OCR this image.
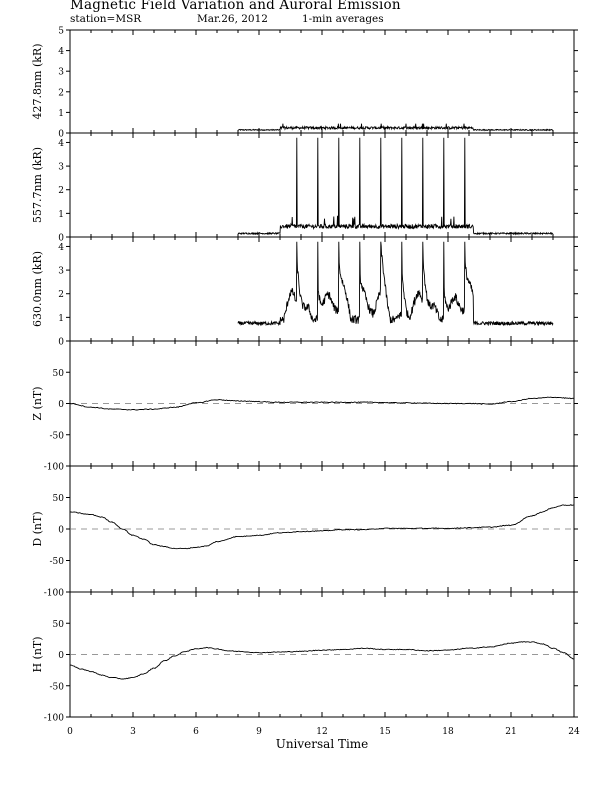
Magnetic Field Variation and Auroral Emission
station=MSR	Mar.26, 2012	1-min averages
0
1
2
3
4
5
427.8nm (kR)
0
1
2
3
4
557.7nm (kR)
0
1
2
3
4
630.0nm (kR)
-100
-50
0
50
Z (nT)
-100
-50
0
50
D (nT)
-100
-50
0
50
H (nT)
0	3	6	9	12	15	18	21	24
Universal Time
